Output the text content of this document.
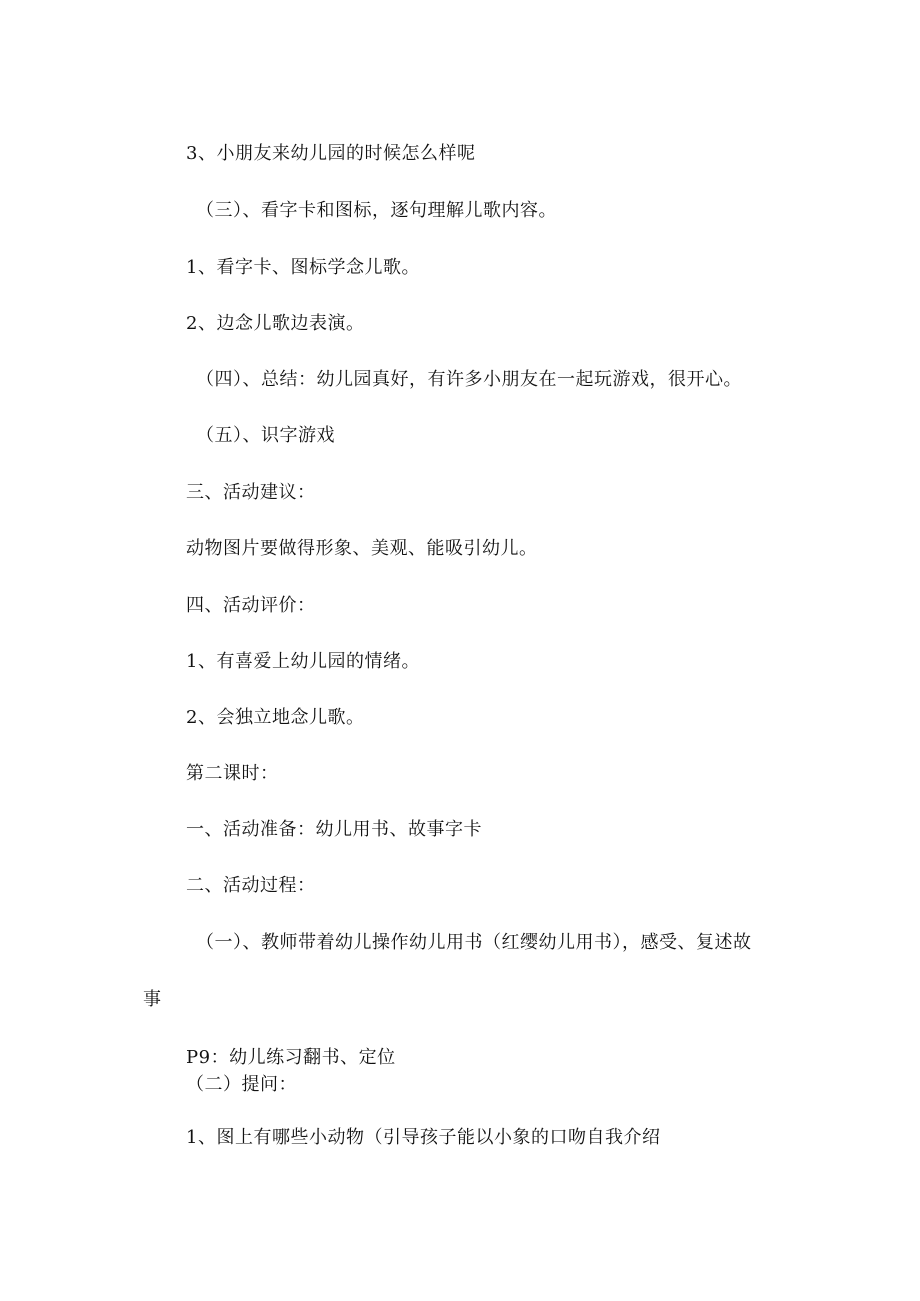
3、小朋友来幼儿园的时候怎么样呢
（三）、看字卡和图标，逐句理解儿歌内容。
1、看字卡、图标学念儿歌。
2、边念儿歌边表演。
（四）、总结：幼儿园真好，有许多小朋友在一起玩游戏，很开心。
（五）、识字游戏
三、活动建议：
动物图片要做得形象、美观、能吸引幼儿。
四、活动评价：
1、有喜爱上幼儿园的情绪。
2、会独立地念儿歌。
第二课时：
一、活动准备：幼儿用书、故事字卡
二、活动过程：
（一）、教师带着幼儿操作幼儿用书（红缨幼儿用书），感受、复述故
事
P9：幼儿练习翻书、定位
（二）提问：
1、图上有哪些小动物（引导孩子能以小象的口吻自我介绍
